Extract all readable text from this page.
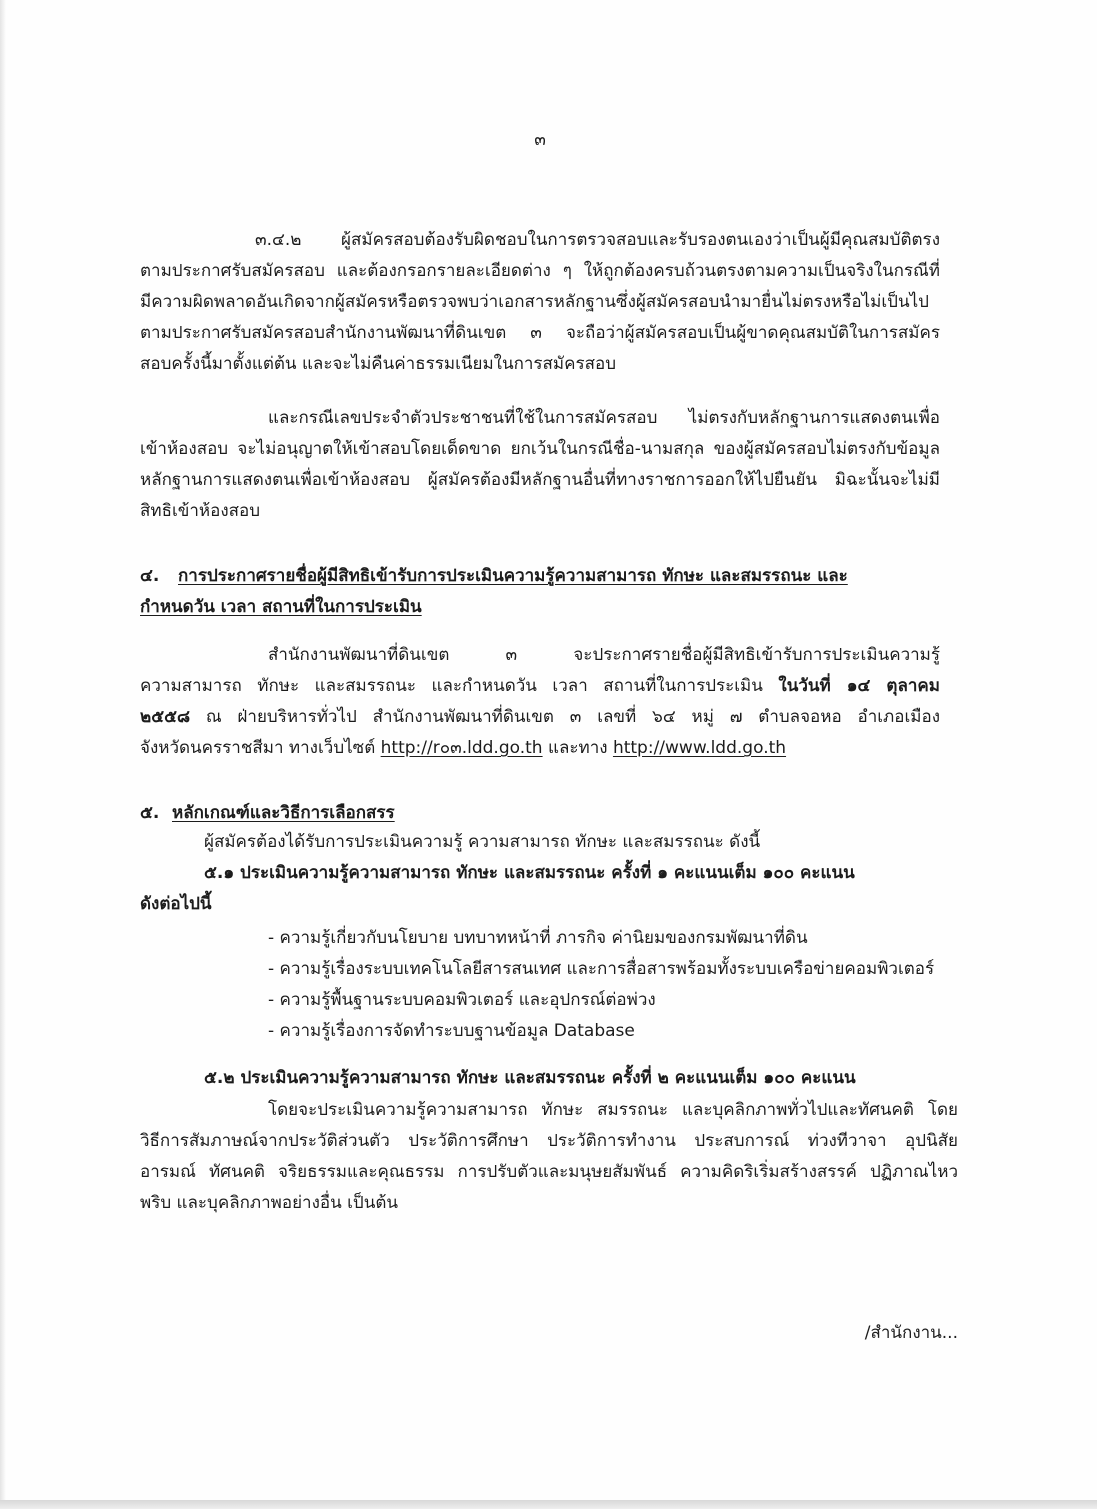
๓
๓.๔.๒ ผู้สมัครสอบต้องรับผิดชอบในการตรวจสอบและรับรองตนเองว่าเป็นผู้มีคุณสมบัติตรง
ตามประกาศรับสมัครสอบ และต้องกรอกรายละเอียดต่าง ๆ ให้ถูกต้องครบถ้วนตรงตามความเป็นจริงในกรณีที่
มีความผิดพลาดอันเกิดจากผู้สมัครหรือตรวจพบว่าเอกสารหลักฐานซึ่งผู้สมัครสอบนำมายื่นไม่ตรงหรือไม่เป็นไป
ตามประกาศรับสมัครสอบสำนักงานพัฒนาที่ดินเขต ๓ จะถือว่าผู้สมัครสอบเป็นผู้ขาดคุณสมบัติในการสมัคร
สอบครั้งนี้มาตั้งแต่ต้น และจะไม่คืนค่าธรรมเนียมในการสมัครสอบ
และกรณีเลขประจำตัวประชาชนที่ใช้ในการสมัครสอบ ไม่ตรงกับหลักฐานการแสดงตนเพื่อ
เข้าห้องสอบ จะไม่อนุญาตให้เข้าสอบโดยเด็ดขาด ยกเว้นในกรณีชื่อ-นามสกุล ของผู้สมัครสอบไม่ตรงกับข้อมูล
หลักฐานการแสดงตนเพื่อเข้าห้องสอบ ผู้สมัครต้องมีหลักฐานอื่นที่ทางราชการออกให้ไปยืนยัน มิฉะนั้นจะไม่มี
สิทธิเข้าห้องสอบ
๔. การประกาศรายชื่อผู้มีสิทธิเข้ารับการประเมินความรู้ความสามารถ ทักษะ และสมรรถนะ และ
กำหนดวัน เวลา สถานที่ในการประเมิน
สำนักงานพัฒนาที่ดินเขต ๓ จะประกาศรายชื่อผู้มีสิทธิเข้ารับการประเมินความรู้
ความสามารถ ทักษะ และสมรรถนะ และกำหนดวัน เวลา สถานที่ในการประเมิน ในวันที่ ๑๔ ตุลาคม
๒๕๕๘ ณ ฝ่ายบริหารทั่วไป สำนักงานพัฒนาที่ดินเขต ๓ เลขที่ ๖๔ หมู่ ๗ ตำบลจอหอ อำเภอเมือง
จังหวัดนครราชสีมา ทางเว็บไซต์ http://r๐๓.ldd.go.th และทาง http://www.ldd.go.th
๕. หลักเกณฑ์และวิธีการเลือกสรร
ผู้สมัครต้องได้รับการประเมินความรู้ ความสามารถ ทักษะ และสมรรถนะ ดังนี้
๕.๑ ประเมินความรู้ความสามารถ ทักษะ และสมรรถนะ ครั้งที่ ๑ คะแนนเต็ม ๑๐๐ คะแนน
ดังต่อไปนี้
- ความรู้เกี่ยวกับนโยบาย บทบาทหน้าที่ ภารกิจ ค่านิยมของกรมพัฒนาที่ดิน
- ความรู้เรื่องระบบเทคโนโลยีสารสนเทศ และการสื่อสารพร้อมทั้งระบบเครือข่ายคอมพิวเตอร์
- ความรู้พื้นฐานระบบคอมพิวเตอร์ และอุปกรณ์ต่อพ่วง
- ความรู้เรื่องการจัดทำระบบฐานข้อมูล Database
๕.๒ ประเมินความรู้ความสามารถ ทักษะ และสมรรถนะ ครั้งที่ ๒ คะแนนเต็ม ๑๐๐ คะแนน
โดยจะประเมินความรู้ความสามารถ ทักษะ สมรรถนะ และบุคลิกภาพทั่วไปและทัศนคติ โดย
วิธีการสัมภาษณ์จากประวัติส่วนตัว ประวัติการศึกษา ประวัติการทำงาน ประสบการณ์ ท่วงทีวาจา อุปนิสัย
อารมณ์ ทัศนคติ จริยธรรมและคุณธรรม การปรับตัวและมนุษยสัมพันธ์ ความคิดริเริ่มสร้างสรรค์ ปฏิภาณไหว
พริบ และบุคลิกภาพอย่างอื่น เป็นต้น
/สำนักงาน...
